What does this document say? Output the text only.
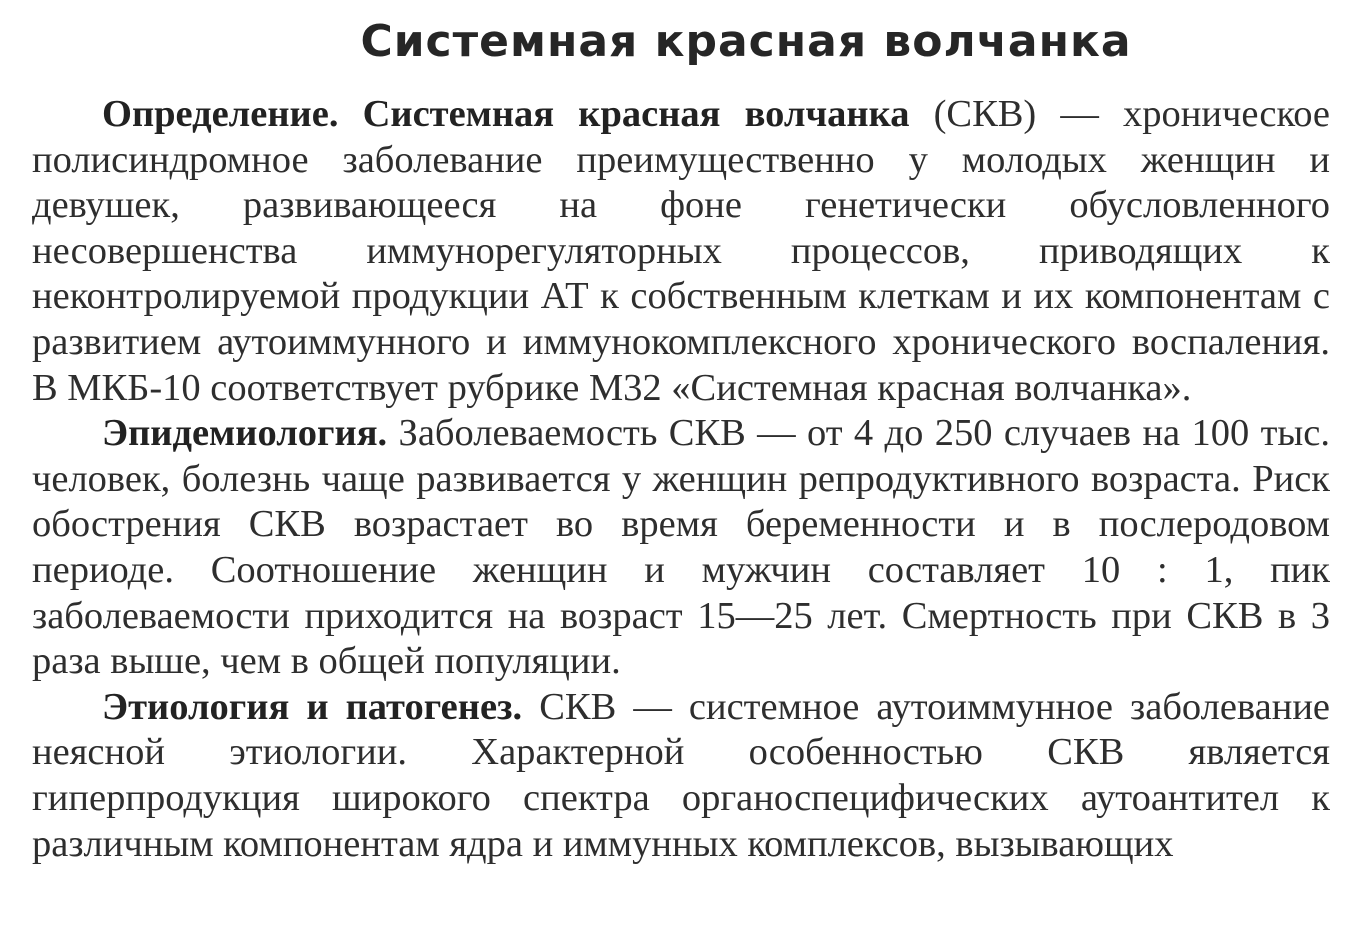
Системная красная волчанка

Определение. Системная красная волчанка (СКВ) — хроническое полисиндромное заболевание преимущественно у молодых женщин и девушек, развивающееся на фоне генетически обусловленного несовершенства иммунорегуляторных процессов, приводящих к неконтролируемой продукции АТ к собственным клеткам и их компонентам с развитием аутоиммунного и иммунокомплексного хронического воспаления. В МКБ-10 соответствует рубрике М32 «Системная красная волчанка».

Эпидемиология. Заболеваемость СКВ — от 4 до 250 случаев на 100 тыс. человек, болезнь чаще развивается у женщин репродуктивного возраста. Риск обострения СКВ возрастает во время беременности и в послеродовом периоде. Соотношение женщин и мужчин составляет 10 : 1, пик заболеваемости приходится на возраст 15—25 лет. Смертность при СКВ в 3 раза выше, чем в общей популяции.

Этиология и патогенез. СКВ — системное аутоиммунное заболевание неясной этиологии. Характерной особенностью СКВ является гиперпродукция широкого спектра органоспецифических аутоантител к различным компонентам ядра и иммунных комплексов, вызывающих
